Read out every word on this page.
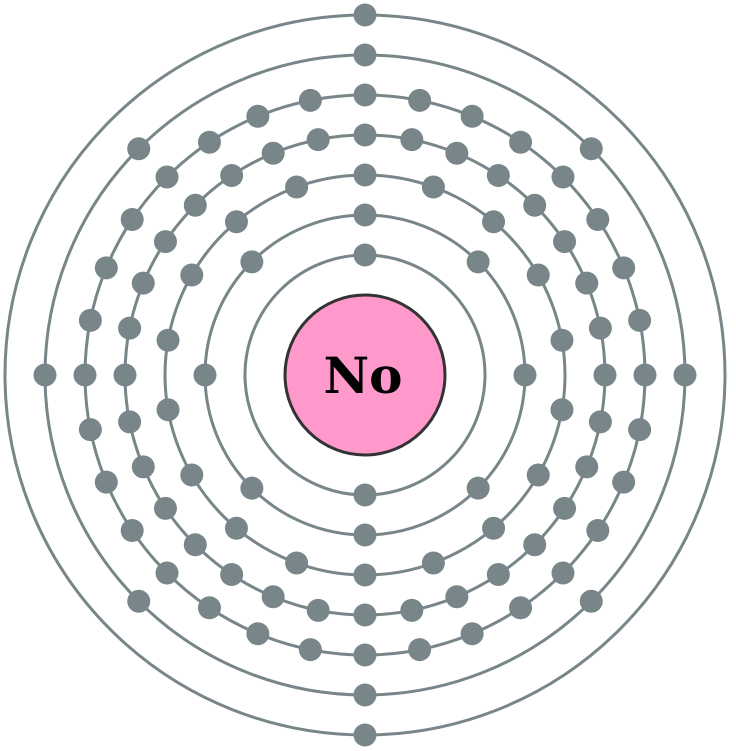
No
